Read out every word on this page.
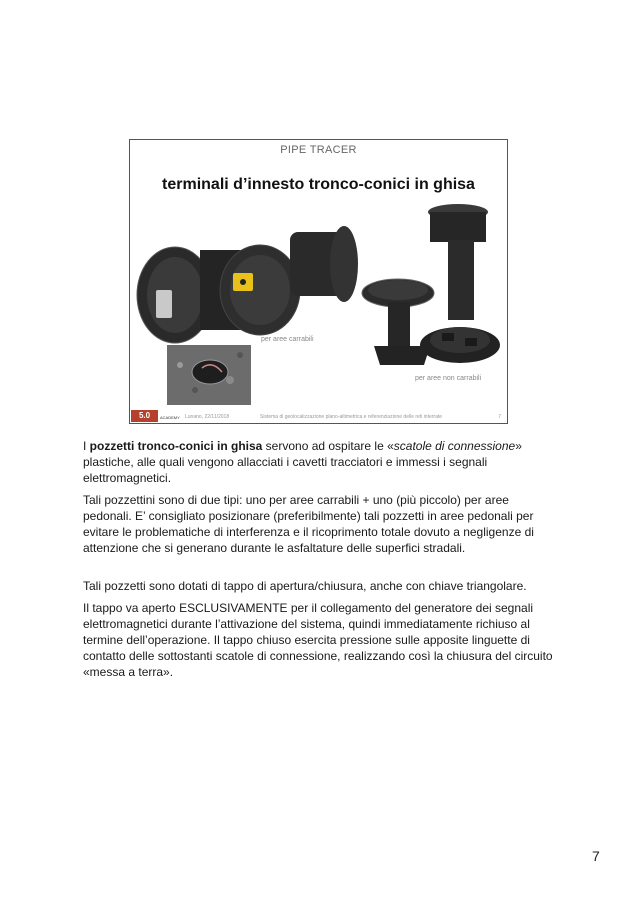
PIPE TRACER
terminali d’innesto tronco-conici in ghisa
per aree carrabili
per aree non carrabili
5.0	ACADEMY Lunano, 22/11/2018	Sistema di geolocalizzazione plano-altimetrica e referenziazione delle reti interrate	7

I pozzetti tronco-conici in ghisa servono ad ospitare le «scatole di connessione» plastiche, alle quali vengono allacciati i cavetti tracciatori e immessi i segnali elettromagnetici.

Tali pozzettini sono di due tipi: uno per aree carrabili + uno (più piccolo) per aree pedonali. E’ consigliato posizionare (preferibilmente) tali pozzetti in aree pedonali per evitare le problematiche di interferenza e il ricoprimento totale dovuto a negligenze di attenzione che si generano durante le asfaltature delle superfici stradali.

Tali pozzetti sono dotati di tappo di apertura/chiusura, anche con chiave triangolare.

Il tappo va aperto ESCLUSIVAMENTE per il collegamento del generatore dei segnali elettromagnetici durante l’attivazione del sistema, quindi immediatamente richiuso al termine dell’operazione. Il tappo chiuso esercita pressione sulle apposite linguette di contatto delle sottostanti scatole di connessione, realizzando così la chiusura del circuito «messa a terra».

7
